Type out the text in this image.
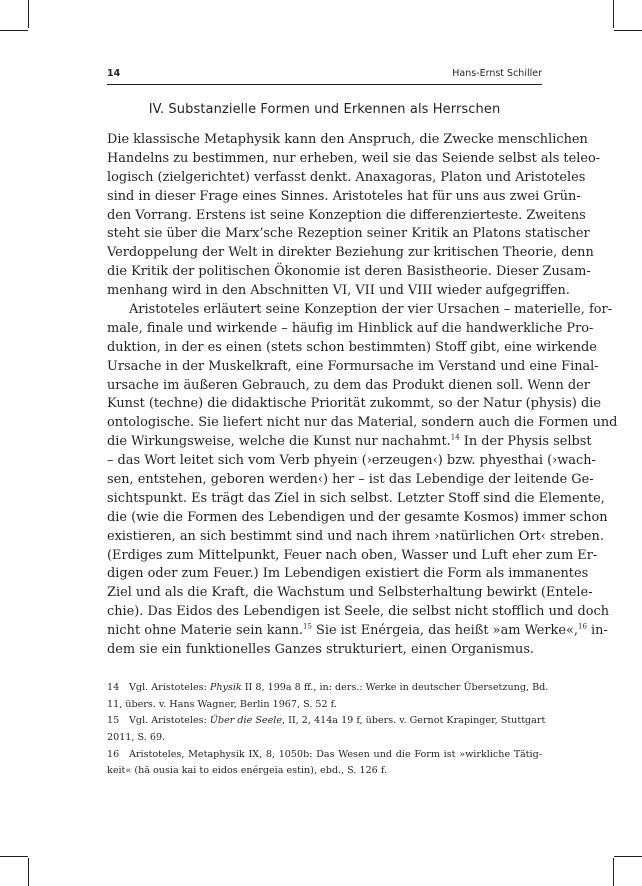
14	Hans-Ernst Schiller
IV. Substanzielle Formen und Erkennen als Herrschen
Die klassische Metaphysik kann den Anspruch, die Zwecke menschlichen
Handelns zu bestimmen, nur erheben, weil sie das Seiende selbst als teleo-
logisch (zielgerichtet) verfasst denkt. Anaxagoras, Platon und Aristoteles
sind in dieser Frage eines Sinnes. Aristoteles hat für uns aus zwei Grün-
den Vorrang. Erstens ist seine Konzeption die differenzierteste. Zweitens
steht sie über die Marx’sche Rezeption seiner Kritik an Platons statischer
Verdoppelung der Welt in direkter Beziehung zur kritischen Theorie, denn
die Kritik der politischen Ökonomie ist deren Basistheorie. Dieser Zusam-
menhang wird in den Abschnitten VI, VII und VIII wieder aufgegriffen.
Aristoteles erläutert seine Konzeption der vier Ursachen – materielle, for-
male, finale und wirkende – häufig im Hinblick auf die handwerkliche Pro-
duktion, in der es einen (stets schon bestimmten) Stoff gibt, eine wirkende
Ursache in der Muskelkraft, eine Formursache im Verstand und eine Final-
ursache im äußeren Gebrauch, zu dem das Produkt dienen soll. Wenn der
Kunst (techne) die didaktische Priorität zukommt, so der Natur (physis) die
ontologische. Sie liefert nicht nur das Material, sondern auch die Formen und
die Wirkungsweise, welche die Kunst nur nachahmt.$^{14}$ In der Physis selbst
– das Wort leitet sich vom Verb phyein (›erzeugen‹) bzw. phyesthai (›wach-
sen, entstehen, geboren werden‹) her – ist das Lebendige der leitende Ge-
sichtspunkt. Es trägt das Ziel in sich selbst. Letzter Stoff sind die Elemente,
die (wie die Formen des Lebendigen und der gesamte Kosmos) immer schon
existieren, an sich bestimmt sind und nach ihrem ›natürlichen Ort‹ streben.
(Erdiges zum Mittelpunkt, Feuer nach oben, Wasser und Luft eher zum Er-
digen oder zum Feuer.) Im Lebendigen existiert die Form als immanentes
Ziel und als die Kraft, die Wachstum und Selbsterhaltung bewirkt (Entele-
chie). Das Eidos des Lebendigen ist Seele, die selbst nicht stofflich und doch
nicht ohne Materie sein kann.$^{15}$ Sie ist Enérgeia, das heißt »am Werke«,$^{16}$ in-
dem sie ein funktionelles Ganzes strukturiert, einen Organismus.
14 Vgl. Aristoteles: Physik II 8, 199a 8 ff., in: ders.: Werke in deutscher Übersetzung, Bd.
11, übers. v. Hans Wagner, Berlin 1967, S. 52 f.
15 Vgl. Aristoteles: Über die Seele, II, 2, 414a 19 f, übers. v. Gernot Krapinger, Stuttgart
2011, S. 69.
16 Aristoteles, Metaphysik IX, 8, 1050b: Das Wesen und die Form ist »wirkliche Tätig-
keit« (hä ousia kai to eidos enérgeia estin), ebd., S. 126 f.
